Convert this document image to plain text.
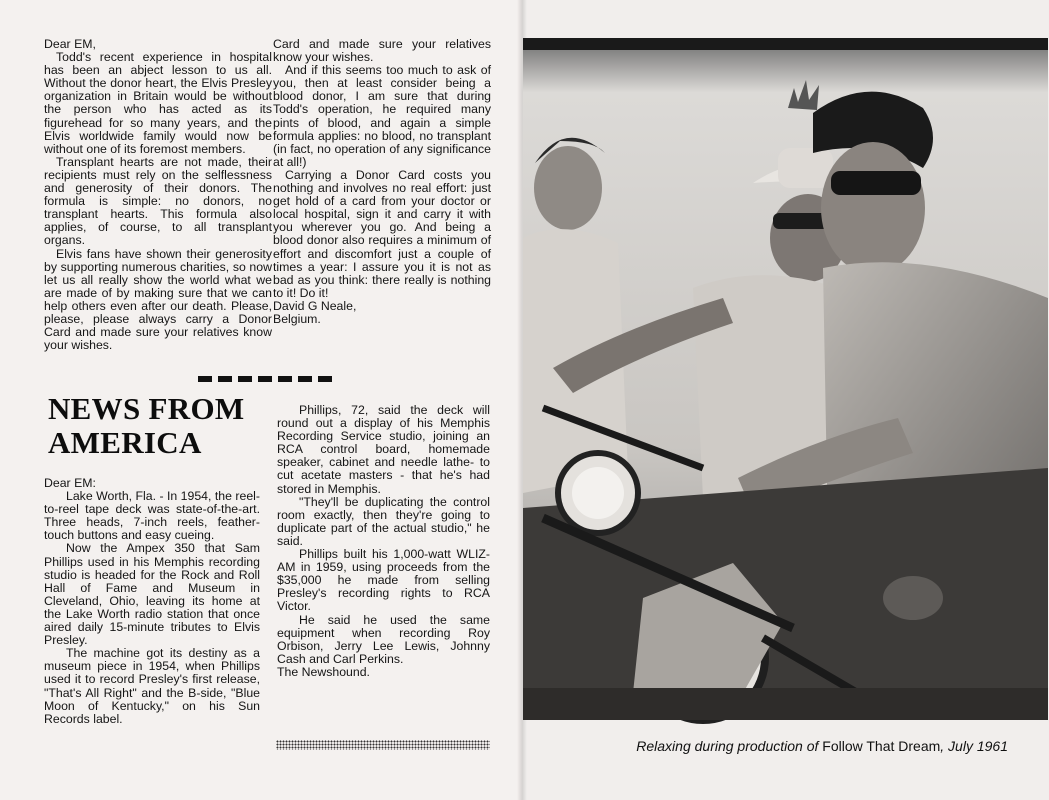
Dear EM,

Todd's recent experience in hospital has been an abject lesson to us all. Without the donor heart, the Elvis Presley organization in Britain would be without the person who has acted as its figurehead for so many years, and the Elvis worldwide family would now be without one of its foremost members.

Transplant hearts are not made, their recipients must rely on the selflessness and generosity of their donors. The formula is simple: no donors, no transplant hearts. This formula also applies, of course, to all transplant organs.

Elvis fans have shown their generosity by supporting numerous charities, so now let us all really show the world what we are made of by making sure that we can help others even after our death. Please, please, please always carry a Donor Card and made sure your relatives know your wishes.

Card and made sure your relatives know your wishes.

And if this seems too much to ask of you, then at least consider being a blood donor, I am sure that during Todd's operation, he required many pints of blood, and again a simple formula applies: no blood, no transplant (in fact, no operation of any significance at all!)

Carrying a Donor Card costs you nothing and involves no real effort: just get hold of a card from your doctor or local hospital, sign it and carry it with you wherever you go. And being a blood donor also requires a minimum of effort and discomfort just a couple of times a year: I assure you it is not as bad as you think: there really is nothing to it! Do it!

David G Neale,

Belgium.

NEWS FROM
AMERICA

Dear EM:

Lake Worth, Fla. - In 1954, the reel-to-reel tape deck was state-of-the-art. Three heads, 7-inch reels, feather-touch buttons and easy cueing.

Now the Ampex 350 that Sam Phillips used in his Memphis recording studio is headed for the Rock and Roll Hall of Fame and Museum in Cleveland, Ohio, leaving its home at the Lake Worth radio station that once aired daily 15-minute tributes to Elvis Presley.

The machine got its destiny as a museum piece in 1954, when Phillips used it to record Presley's first release, "That's All Right" and the B-side, "Blue Moon of Kentucky," on his Sun Records label.

Phillips, 72, said the deck will round out a display of his Memphis Recording Service studio, joining an RCA control board, homemade speaker, cabinet and needle lathe- to cut acetate masters - that he's had stored in Memphis.

"They'll be duplicating the control room exactly, then they're going to duplicate part of the actual studio," he said.

Phillips built his 1,000-watt WLIZ-AM in 1959, using proceeds from the $35,000 he made from selling Presley's recording rights to RCA Victor.

He said he used the same equipment when recording Roy Orbison, Jerry Lee Lewis, Johnny Cash and Carl Perkins.

The Newshound.

Relaxing during production of Follow That Dream, July 1961
